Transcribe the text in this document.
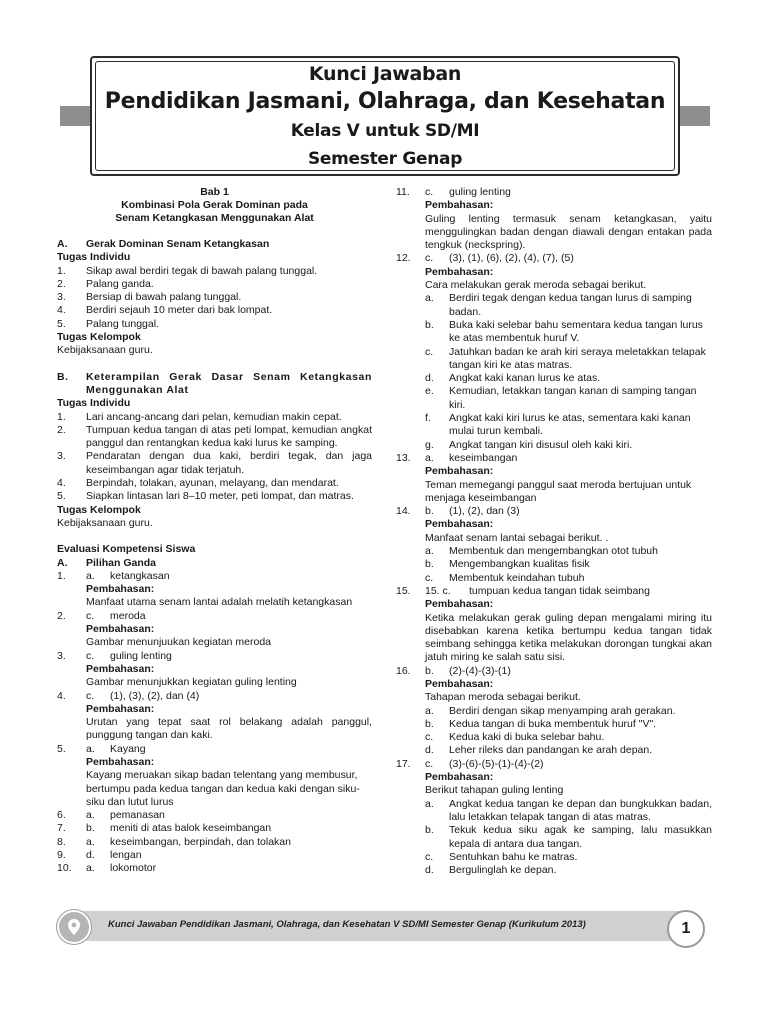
Kunci Jawaban
Pendidikan Jasmani, Olahraga, dan Kesehatan
Kelas V untuk SD/MI
Semester Genap
Bab 1
Kombinasi Pola Gerak Dominan pada
Senam Ketangkasan Menggunakan Alat
A.	Gerak Dominan Senam Ketangkasan
Tugas Individu
1.	Sikap awal berdiri tegak di bawah palang tunggal.
2.	Palang ganda.
3.	Bersiap di bawah palang tunggal.
4.	Berdiri sejauh 10 meter dari bak lompat.
5.	Palang tunggal.
Tugas Kelompok
Kebijaksanaan guru.
B.	Keterampilan Gerak Dasar Senam Ketangkasan Menggunakan Alat
Tugas Individu
1.	Lari ancang-ancang dari pelan, kemudian makin cepat.
2.	Tumpuan kedua tangan di atas peti lompat, kemudian angkat panggul dan rentangkan kedua kaki lurus ke samping.
3.	Pendaratan dengan dua kaki, berdiri tegak, dan jaga keseimbangan agar tidak terjatuh.
4.	Berpindah, tolakan, ayunan, melayang, dan mendarat.
5.	Siapkan lintasan lari 8–10 meter, peti lompat, dan matras.
Tugas Kelompok
Kebijaksanaan guru.
Evaluasi Kompetensi Siswa
A.	Pilihan Ganda
1.	a.	ketangkasan
Pembahasan:
Manfaat utama senam lantai adalah melatih ketangkasan
2.	c.	meroda
Pembahasan:
Gambar menunjuukan kegiatan meroda
3.	c.	guling lenting
Pembahasan:
Gambar menunjukkan kegiatan guling lenting
4.	c.	(1), (3), (2), dan (4)
Pembahasan:
Urutan yang tepat saat rol belakang adalah panggul, punggung tangan dan kaki.
5.	a.	Kayang
Pembahasan:
Kayang meruakan sikap badan telentang yang membusur, bertumpu pada kedua tangan dan kedua kaki dengan siku-siku dan lutut lurus
6.	a.	pemanasan
7.	b.	meniti di atas balok keseimbangan
8.	a.	keseimbangan, berpindah, dan tolakan
9.	d.	lengan
10.	a.	lokomotor
11.	c.	guling lenting
Pembahasan:
Guling lenting termasuk senam ketangkasan, yaitu menggulingkan badan dengan diawali dengan entakan pada tengkuk (neckspring).
12.	c.	(3), (1), (6), (2), (4), (7), (5)
Pembahasan:
Cara melakukan gerak meroda sebagai berikut.
a.	Berdiri tegak dengan kedua tangan lurus di samping badan.
b.	Buka kaki selebar bahu sementara kedua tangan lurus ke atas membentuk huruf V.
c.	Jatuhkan badan ke arah kiri seraya meletakkan telapak tangan kiri ke atas matras.
d.	Angkat kaki kanan lurus ke atas.
e.	Kemudian, letakkan tangan kanan di samping tangan kiri.
f.	Angkat kaki kiri lurus ke atas, sementara kaki kanan mulai turun kembali.
g.	Angkat tangan kiri disusul oleh kaki kiri.
13.	a.	keseimbangan
Pembahasan:
Teman memegangi panggul saat meroda bertujuan untuk menjaga keseimbangan
14.	b.	(1), (2), dan (3)
Pembahasan:
Manfaat senam lantai sebagai berikut. .
a.	Membentuk dan mengembangkan otot tubuh
b.	Mengembangkan kualitas fisik
c.	Membentuk keindahan tubuh
15.	15. c.	tumpuan kedua tangan tidak seimbang
Pembahasan:
Ketika melakukan gerak guling depan mengalami miring itu disebabkan karena ketika bertumpu kedua tangan tidak seimbang sehingga ketika melakukan dorongan tungkai akan jatuh miring ke salah satu sisi.
16.	b.	(2)-(4)-(3)-(1)
Pembahasan:
Tahapan meroda sebagai berikut.
a.	Berdiri dengan sikap menyamping arah gerakan.
b.	Kedua tangan di buka membentuk huruf "V".
c.	Kedua kaki di buka selebar bahu.
d.	Leher rileks dan pandangan ke arah depan.
17.	c.	(3)-(6)-(5)-(1)-(4)-(2)
Pembahasan:
Berikut tahapan guling lenting
a.	Angkat kedua tangan ke depan dan bungkukkan badan, lalu letakkan telapak tangan di atas matras.
b.	Tekuk kedua siku agak ke samping, lalu masukkan kepala di antara dua tangan.
c.	Sentuhkan bahu ke matras.
d.	Bergulinglah ke depan.
Kunci Jawaban Pendidikan Jasmani, Olahraga, dan Kesehatan V SD/MI Semester Genap (Kurikulum 2013)	1
